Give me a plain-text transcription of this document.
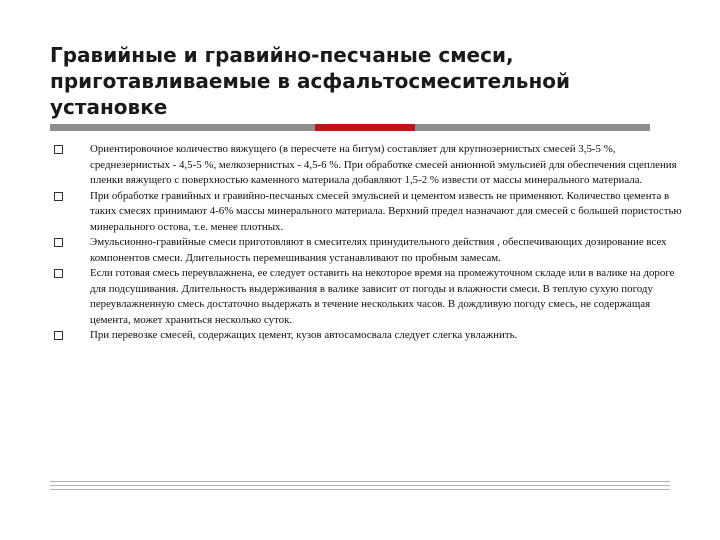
Гравийные и гравийно-песчаные смеси,
приготавливаемые в асфальтосмесительной
установке
Ориентировочное количество вяжущего (в пересчете на битум) составляет для крупнозернистых смесей 3,5-5 %, среднезернистых - 4,5-5 %, мелкозернистых - 4,5-6 %. При обработке смесей анионной эмульсией для обеспечения сцепления пленки вяжущего с поверхностью каменного материала добавляют 1,5-2 % извести от массы минерального материала.
При обработке гравийных и гравийно-песчаных смесей эмульсией и цементом известь не применяют. Количество цемента в таких смесях принимают 4-6% массы минерального материала. Верхний предел назначают для смесей с большей пористостью минерального остова, т.е. менее плотных.
Эмульсионно-гравийные смеси приготовляют в смесителях принудительного действия , обеспечивающих дозирование всех компонентов смеси. Длительность перемешивания устанавливают по пробным замесам.
Если готовая смесь переувлажнена, ее следует оставить на некоторое время на промежуточном складе или в валике на дороге для подсушивания. Длительность выдерживания в валике зависит от погоды и влажности смеси. В теплую сухую погоду переувлажненную смесь достаточно выдержать в течение нескольких часов. В дождливую погоду смесь, не содержащая цемента, может храниться несколько суток.
При перевозке смесей, содержащих цемент, кузов автосамосвала следует слегка увлажнить.
